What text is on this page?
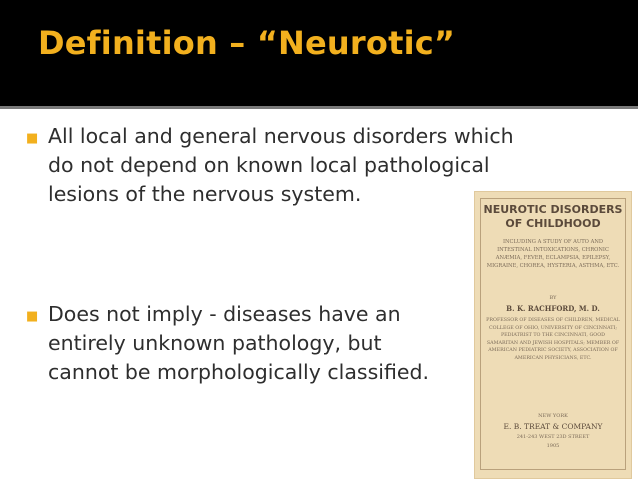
Definition – “Neurotic”
■ All local and general nervous disorders which
do not depend on known local pathological
lesions of the nervous system.
■ Does not imply - diseases have an
entirely unknown pathology, but
cannot be morphologically classified.
NEUROTIC DISORDERS
OF CHILDHOOD
INCLUDING A STUDY OF AUTO AND INTESTINAL INTOXICATIONS, CHRONIC ANÆMIA, FEVER, ECLAMPSIA, EPILEPSY, MIGRAINE, CHOREA, HYSTERIA, ASTHMA, ETC.
BY
B. K. RACHFORD, M. D.
PROFESSOR OF DISEASES OF CHILDREN, MEDICAL COLLEGE OF OHIO, UNIVERSITY OF CINCINNATI; PEDIATRIST TO THE CINCINNATI, GOOD SAMARITAN AND JEWISH HOSPITALS; MEMBER OF AMERICAN PEDIATRIC SOCIETY, ASSOCIATION OF AMERICAN PHYSICIANS, ETC.
NEW YORK
E. B. TREAT & COMPANY
241-243 WEST 23D STREET
1905
